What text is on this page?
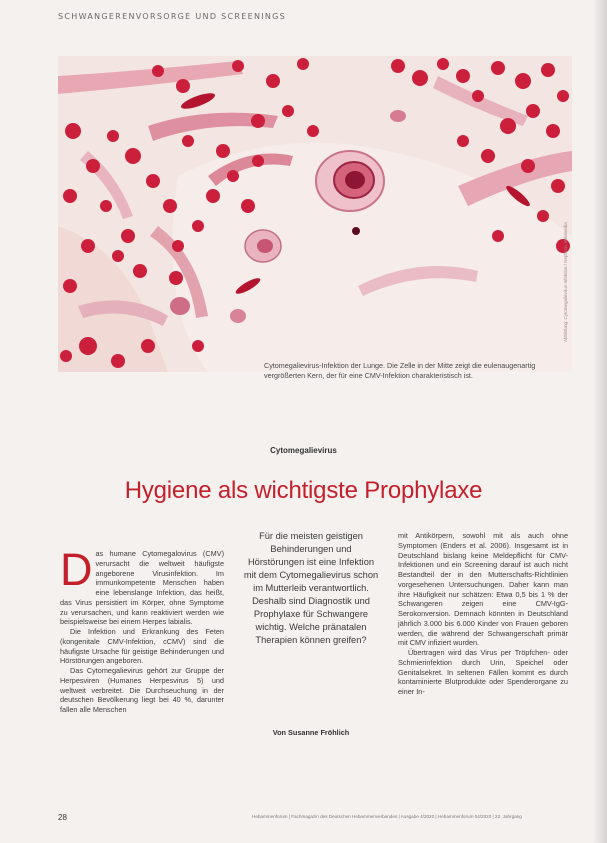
SCHWANGERENVORSORGE UND SCREENINGS
Abbildung: Cytomegalievirus-Infektion / Nephron, Wikimedia
Cytomegalievirus-Infektion der Lunge. Die Zelle in der Mitte zeigt die eulenaugenartig vergrößerten Kern, der für eine CMV-Infektion charakteristisch ist.
Cytomegalievirus
Hygiene als wichtigste Prophylaxe

Das humane Cytomegalovirus (CMV) verursacht die weltweit häufigste angeborene Virusinfektion. Im immunkompetente Menschen haben eine lebenslange Infektion, das heißt, das Virus persistiert im Körper, ohne Symptome zu verursachen, und kann reaktiviert werden wie beispielsweise bei einem Herpes labialis.

Die Infektion und Erkrankung des Feten (kongenitale CMV-Infektion, cCMV) sind die häufigste Ursache für geistige Behinderungen und Hörstörungen angeboren.

Das Cytomegalievirus gehört zur Gruppe der Herpesviren (Humanes Herpesvirus 5) und weltweit verbreitet. Die Durchseuchung in der deutschen Bevölkerung liegt bei 40 %, darunter fallen alle Menschen

Für die meisten geistigen Behinderungen und Hörstörungen ist eine Infektion mit dem Cytomegalievirus schon im Mutterleib verantwortlich. Deshalb sind Diagnostik und Prophylaxe für Schwangere wichtig. Welche pränatalen Therapien können greifen?
Von Susanne Fröhlich

mit Antikörpern, sowohl mit als auch ohne Symptomen (Enders et al. 2006). Insgesamt ist in Deutschland bislang keine Meldepflicht für CMV-Infektionen und ein Screening darauf ist auch nicht Bestandteil der in den Mutterschafts-Richtlinien vorgesehenen Untersuchungen. Daher kann man ihre Häufigkeit nur schätzen: Etwa 0,5 bis 1 % der Schwangeren zeigen eine CMV-IgG-Serokonversion. Demnach könnten in Deutschland jährlich 3.000 bis 6.000 Kinder von Frauen geboren werden, die während der Schwangerschaft primär mit CMV infiziert wurden.

Übertragen wird das Virus per Tröpfchen- oder Schmierinfektion durch Urin, Speichel oder Genitalsekret. In seltenen Fällen kommt es durch kontaminierte Blutprodukte oder Spenderorgane zu einer In-

28	Hebammenforum | Fachmagazin des Deutschen Hebammenverbandes | Ausgabe 4/2020 | Hebammenforum 04/2020 | 22. Jahrgang
